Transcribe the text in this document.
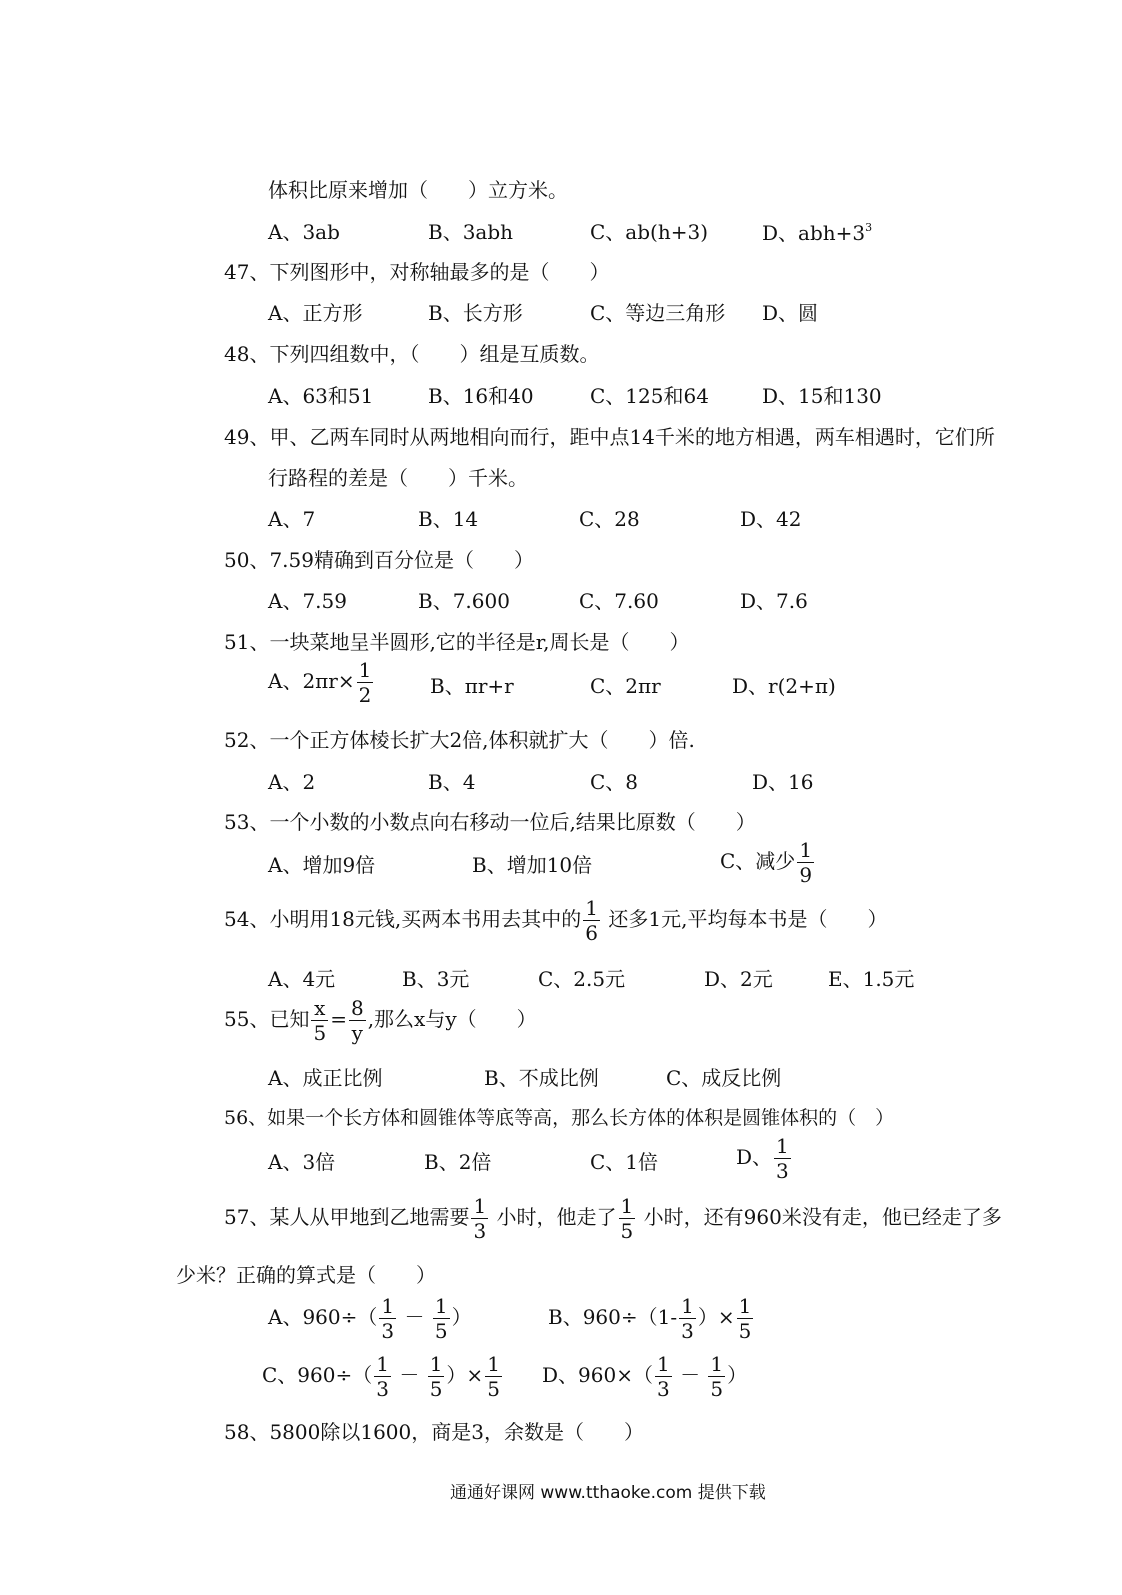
体积比原来增加（　　）立方米。
A、3ab	B、3abh	C、ab(h+3)	D、$abh+3^3$
47、下列图形中，对称轴最多的是（　　）
A、正方形	B、长方形	C、等边三角形 D、圆
48、下列四组数中，（　　）组是互质数。
A、63和51	B、16和40	C、125和64	D、15和130
49、甲、乙两车同时从两地相向而行，距中点14千米的地方相遇，两车相遇时，它们所
行路程的差是（　　）千米。
A、7	B、14	C、28	D、42
50、7.59精确到百分位是（　　）
A、7.59	B、7.600	C、7.60	D、7.6
51、一块菜地呈半圆形,它的半径是r,周长是（　　）
A、$2\pi r\times \frac{1}{2}$	B、πr+r	C、2πr	D、r(2+π)
52、一个正方体棱长扩大2倍,体积就扩大（　　）倍.
A、2	B、4	C、8	D、16
53、一个小数的小数点向右移动一位后,结果比原数（　　）
A、增加9倍	B、增加10倍	C、减少 $\frac{1}{9}$
54、小明用18元钱,买两本书用去其中的 $\frac{1}{6}$ 还多1元,平均每本书是（　　）
A、4元	B、3元	C、2.5元	D、2元	E、1.5元
55、已知 $\frac{x}{5} = \frac{8}{y}$ ,那么x与y（　　）
A、成正比例	B、不成比例	C、成反比例
56、如果一个长方体和圆锥体等底等高，那么长方体的体积是圆锥体积的（　）
A、3倍	B、2倍	C、1倍	D、 $\frac{1}{3}$
57、某人从甲地到乙地需要 $\frac{1}{3}$ 小时，他走了 $\frac{1}{5}$ 小时，还有960米没有走，他已经走了多
少米？正确的算式是（　　）
A、$960\div( \frac{1}{3} - \frac{1}{5}$ ）	B、$960\div(1- \frac{1}{3}$ ）× $\frac{1}{5}$
C、$960\div( \frac{1}{3} - \frac{1}{5}$ ）× $\frac{1}{5}$ D、$960\times( \frac{1}{3} - \frac{1}{5}$ ）
58、5800除以1600，商是3，余数是（　　）
通通好课网 www.tthaoke.com 提供下载
